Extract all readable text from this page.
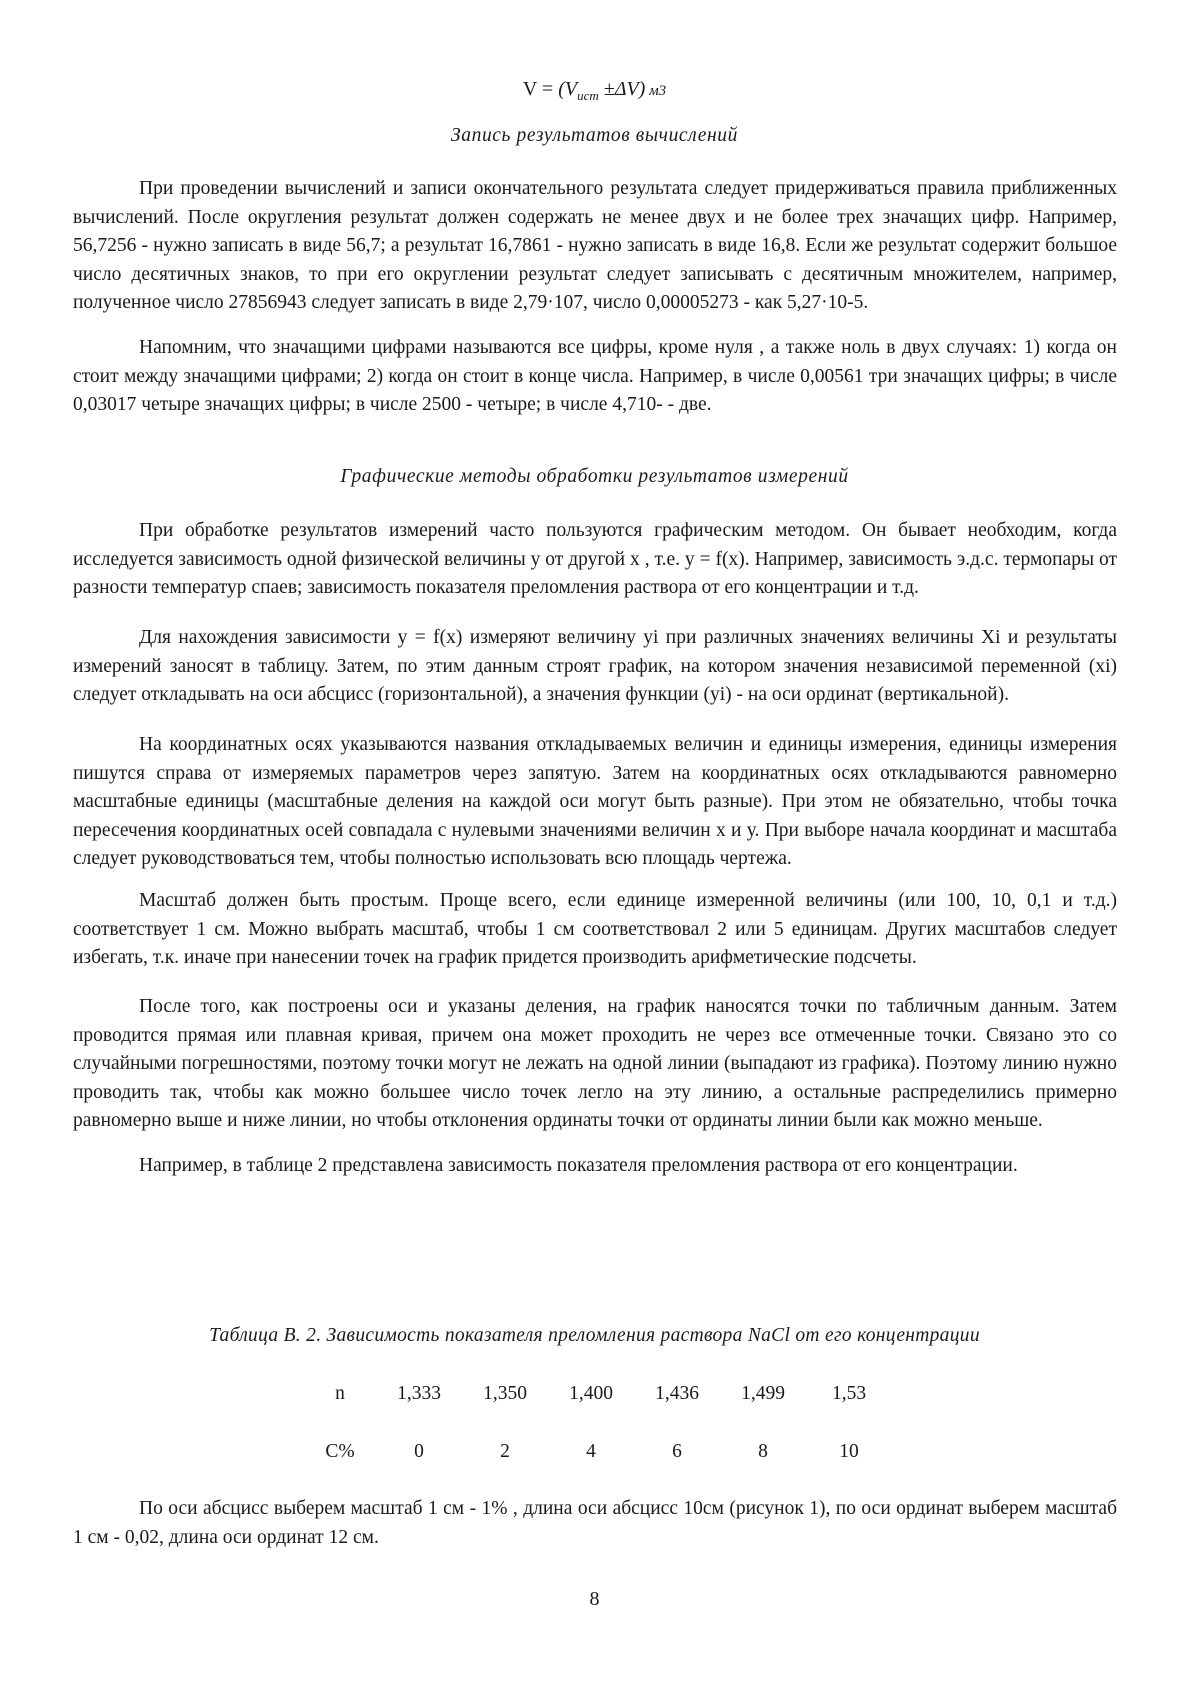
$V = (V_{ист} \pm\Delta V)$ м3
Запись результатов вычислений

При проведении вычислений и записи окончательного результата следует придерживаться правила приближенных вычислений. После округления результат должен содержать не менее двух и не более трех значащих цифр. Например, 56,7256 - нужно записать в виде 56,7; а результат 16,7861 - нужно записать в виде 16,8. Если же результат содержит большое число десятичных знаков, то при его округлении результат следует записывать с десятичным множителем, например, полученное число 27856943 следует записать в виде 2,79·107, число 0,00005273 - как 5,27·10-5.

Напомним, что значащими цифрами называются все цифры, кроме нуля , а также ноль в двух случаях: 1) когда он стоит между значащими цифрами; 2) когда он стоит в конце числа. Например, в числе 0,00561 три значащих цифры; в числе 0,03017 четыре значащих цифры; в числе 2500 - четыре; в числе 4,710- - две.

Графические методы обработки результатов измерений

При обработке результатов измерений часто пользуются графическим методом. Он бывает необходим, когда исследуется зависимость одной физической величины у от другой х , т.е. у = f(x). Например, зависимость э.д.с. термопары от разности температур спаев; зависимость показателя преломления раствора от его концентрации и т.д.

Для нахождения зависимости у = f(x) измеряют величину уi при различных значениях величины Xi и результаты измерений заносят в таблицу. Затем, по этим данным строят график, на котором значения независимой переменной (xi) следует откладывать на оси абсцисс (горизонтальной), а значения функции (yi) - на оси ординат (вертикальной).

На координатных осях указываются названия откладываемых величин и единицы измерения, единицы измерения пишутся справа от измеряемых параметров через запятую. Затем на координатных осях откладываются равномерно масштабные единицы (масштабные деления на каждой оси могут быть разные). При этом не обязательно, чтобы точка пересечения координатных осей совпадала с нулевыми значениями величин х и у. При выборе начала координат и масштаба следует руководствоваться тем, чтобы полностью использовать всю площадь чертежа.

Масштаб должен быть простым. Проще всего, если единице измеренной величины (или 100, 10, 0,1 и т.д.) соответствует 1 см. Можно выбрать масштаб, чтобы 1 см соответствовал 2 или 5 единицам. Других масштабов следует избегать, т.к. иначе при нанесении точек на график придется производить арифметические подсчеты.

После того, как построены оси и указаны деления, на график наносятся точки по табличным данным. Затем проводится прямая или плавная кривая, причем она может проходить не через все отмеченные точки. Связано это со случайными погрешностями, поэтому точки могут не лежать на одной линии (выпадают из графика). Поэтому линию нужно проводить так, чтобы как можно большее число точек легло на эту линию, а остальные распределились примерно равномерно выше и ниже линии, но чтобы отклонения ординаты точки от ординаты линии были как можно меньше.

Например, в таблице 2 представлена зависимость показателя преломления раствора от его концентрации.

Таблица В. 2. Зависимость показателя преломления раствора NaCl от его концентрации
n	1,333	1,350	1,400	1,436	1,499	1,53
С%	0	2	4	6	8	10

По оси абсцисс выберем масштаб 1 см - 1% , длина оси абсцисс 10см (рисунок 1), по оси ординат выберем масштаб 1 см - 0,02, длина оси ординат 12 см.

8
